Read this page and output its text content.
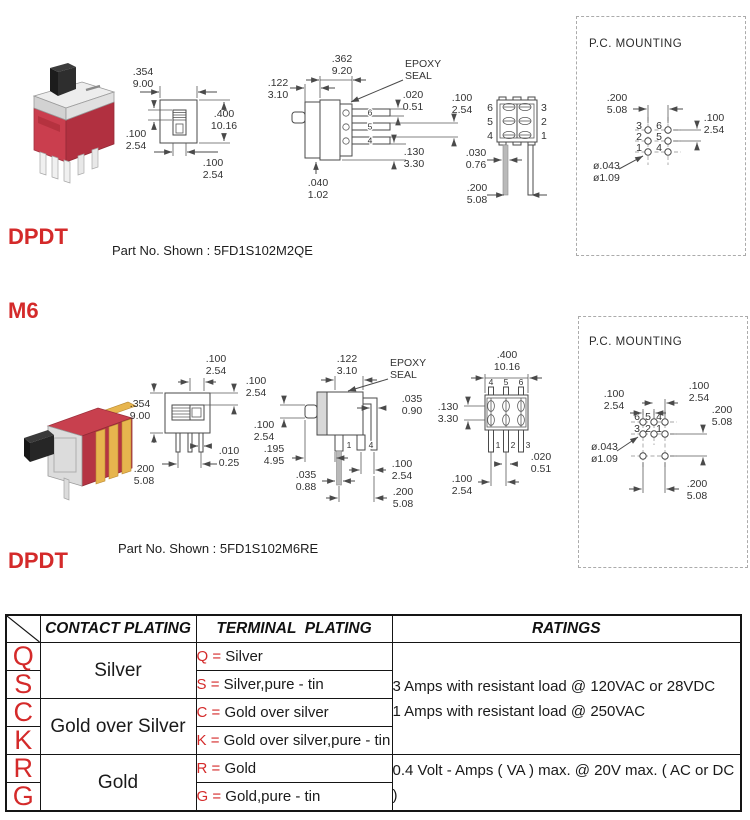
.354
9.00
.400
10.16
.100
2.54
.100
2.54
6
5
4
.362
9.20
.122
3.10
EPOXY
SEAL
.020
0.51
.100
2.54
.040
1.02
.130
3.30
6
5
4
3
2
1
.030
0.76
.200
5.08
P.C. MOUNTING
3
2
1
6
5
4
.200
5.08
.100
2.54
ø.043
ø1.09
DPDT
Part No. Shown : 5FD1S102M2QE
M6
.100
2.54
.354
9.00
.100
2.54
.010
0.25
.200
5.08
1 4
.100
2.54
.122
3.10
EPOXY
SEAL
.035
0.90
.195
4.95
.035
0.88
.100
2.54
.200
5.08
4 5 6
1 2 3
.400
10.16
.130
3.30
.020
0.51
.100
2.54
P.C. MOUNTING
6 5 4
3 2 1
.100
2.54
.100
2.54
.200
5.08
ø.043
ø1.09
.200
5.08
DPDT	Part No. Shown : 5FD1S102M6RE
	CONTACT PLATING	TERMINAL  PLATING	RATINGS
Q	Silver	Q = Silver	3 Amps with resistant load @ 120VAC or 28VDC
1 Amps with resistant load @ 250VAC

S		S = Silver,pure - tin	
C	Gold over Silver	C = Gold over silver	
K		K = Gold over silver,pure - tin	
R	Gold	R = Gold	0.4 Volt - Amps ( VA ) max. @ 20V max. ( AC or DC )

G		G = Gold,pure - tin	
